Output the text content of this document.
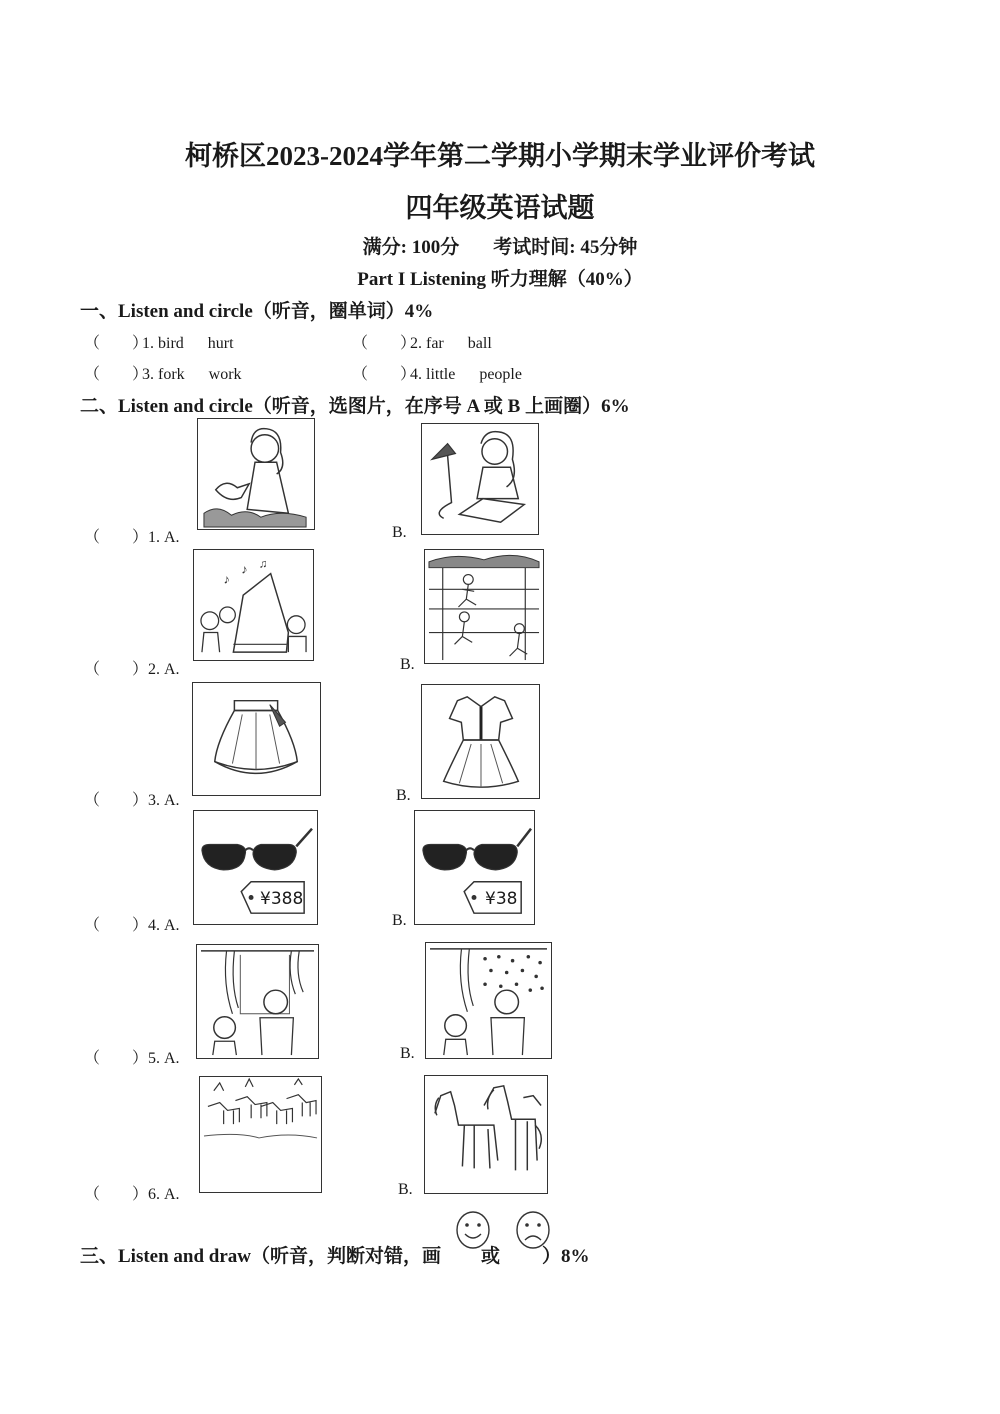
柯桥区2023-2024学年第二学期小学期末学业评价考试
四年级英语试题
满分: 100分 考试时间: 45分钟
Part I Listening 听力理解（40%）
一、Listen and circle（听音，圈单词）4%
（　　）1. bird hurt	（　　）2. far ball
（　　）3. fork work	（　　）4. little people
二、Listen and circle（听音，选图片，在序号 A 或 B 上画圈）6%
（　　）1. A.	B.
♪
♪ ♫
（　　）2. A.	B.
（　　）3. A.	B.
¥388	¥38
（　　）4. A.	B.
（　　）5. A.	B.
（　　）6. A.	B.
三、Listen and draw（听音，判断对错，画 或 ）8%
